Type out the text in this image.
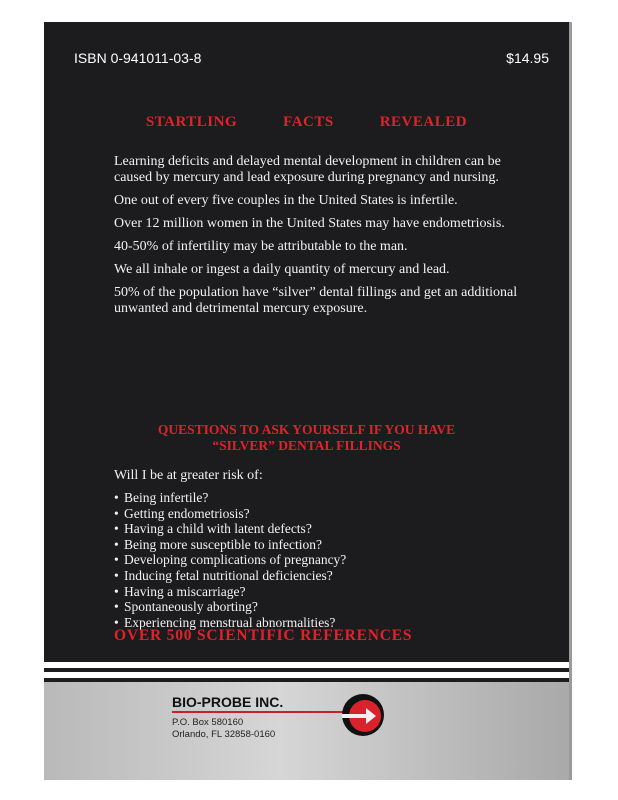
ISBN 0-941011-03-8	$14.95
STARTLING	FACTS	REVEALED

Learning deficits and delayed mental development in children can be caused by mercury and lead exposure during pregnancy and nursing.

One out of every five couples in the United States is infertile.

Over 12 million women in the United States may have endometriosis.

40-50% of infertility may be attributable to the man.

We all inhale or ingest a daily quantity of mercury and lead.

50% of the population have “silver” dental fillings and get an additional unwanted and detrimental mercury exposure.

QUESTIONS TO ASK YOURSELF IF YOU HAVE
“SILVER” DENTAL FILLINGS
Will I be at greater risk of:
• Being infertile?
• Getting endometriosis?
• Having a child with latent defects?
• Being more susceptible to infection?
• Developing complications of pregnancy?
• Inducing fetal nutritional deficiencies?
• Having a miscarriage?
• Spontaneously aborting?
• Experiencing menstrual abnormalities?
OVER 500 SCIENTIFIC REFERENCES
BIO-PROBE INC.
P.O. Box 580160
Orlando, FL 32858-0160
